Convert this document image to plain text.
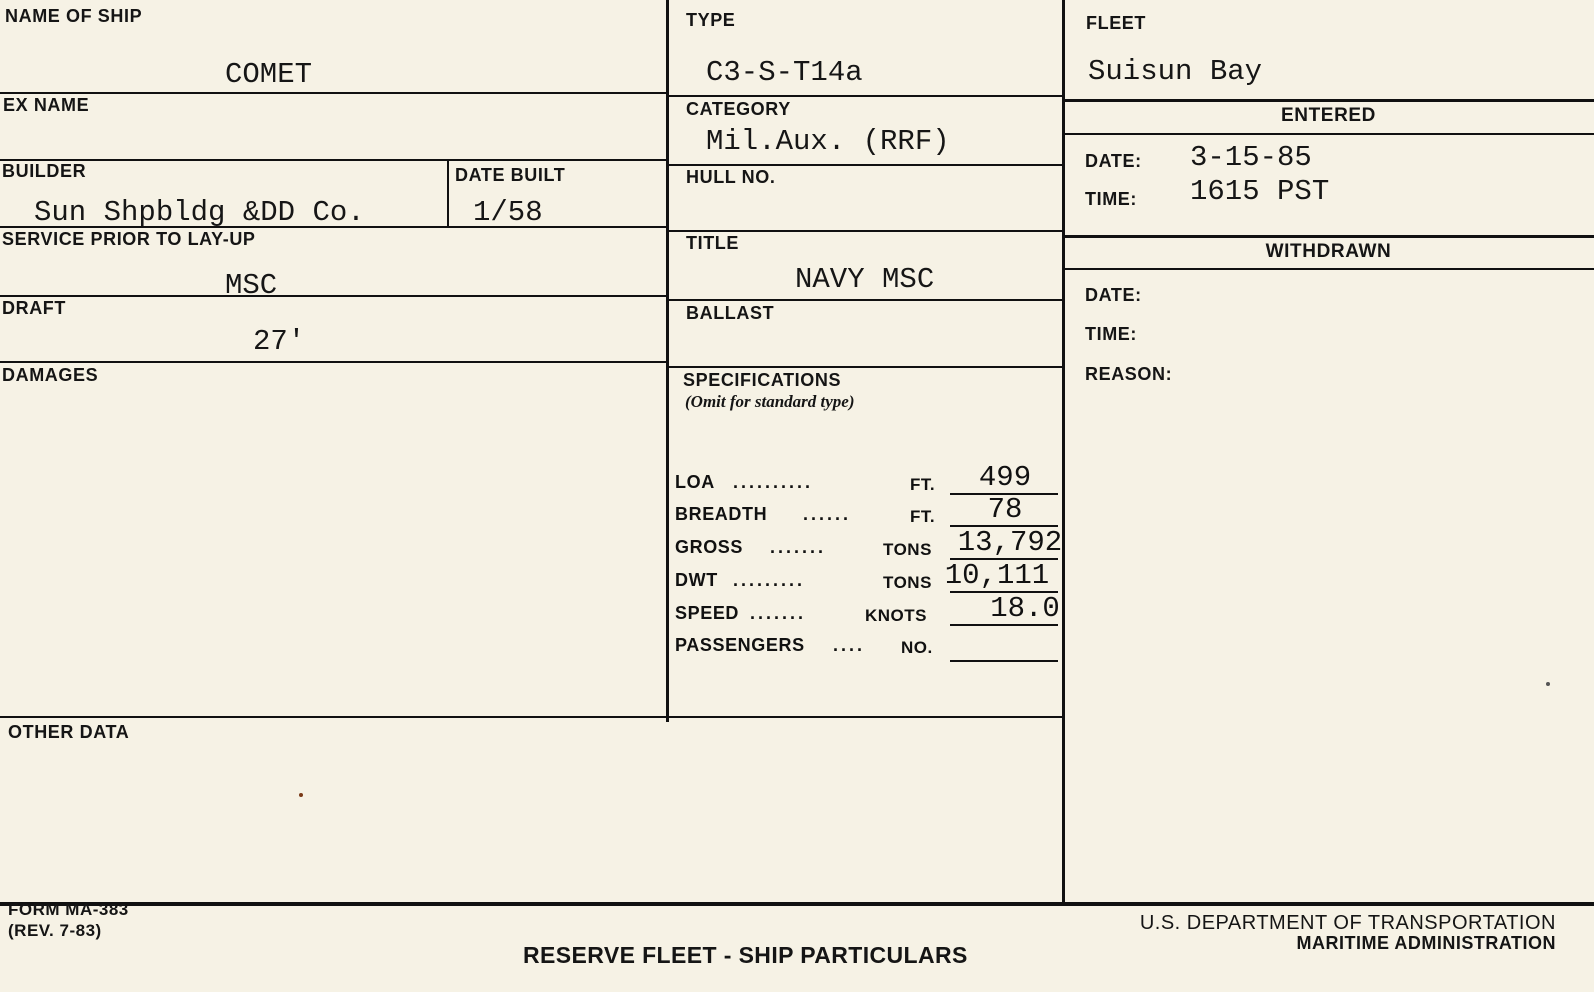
NAME OF SHIP
COMET
EX NAME
BUILDER
Sun Shpbldg &DD Co.
DATE BUILT
1/58
SERVICE PRIOR TO LAY-UP
MSC
DRAFT
27'
DAMAGES
OTHER DATA
TYPE
C3-S-T14a
CATEGORY
Mil.Aux. (RRF)
HULL NO.
TITLE
NAVY MSC
BALLAST
SPECIFICATIONS
(Omit for standard type)
LOA ..........	FT.	499
BREADTH ......	FT.	78
GROSS .......	TONS 13,792
DWT .........	TONS 10,111
SPEED .......	KNOTS	18.0
PASSENGERS .... NO.
FLEET
Suisun Bay
ENTERED
DATE: 3-15-85
TIME: 1615 PST
WITHDRAWN
DATE:
TIME:
REASON:
FORM MA-383
(REV. 7-83)
RESERVE FLEET - SHIP PARTICULARS
U.S. DEPARTMENT OF TRANSPORTATION
MARITIME ADMINISTRATION
